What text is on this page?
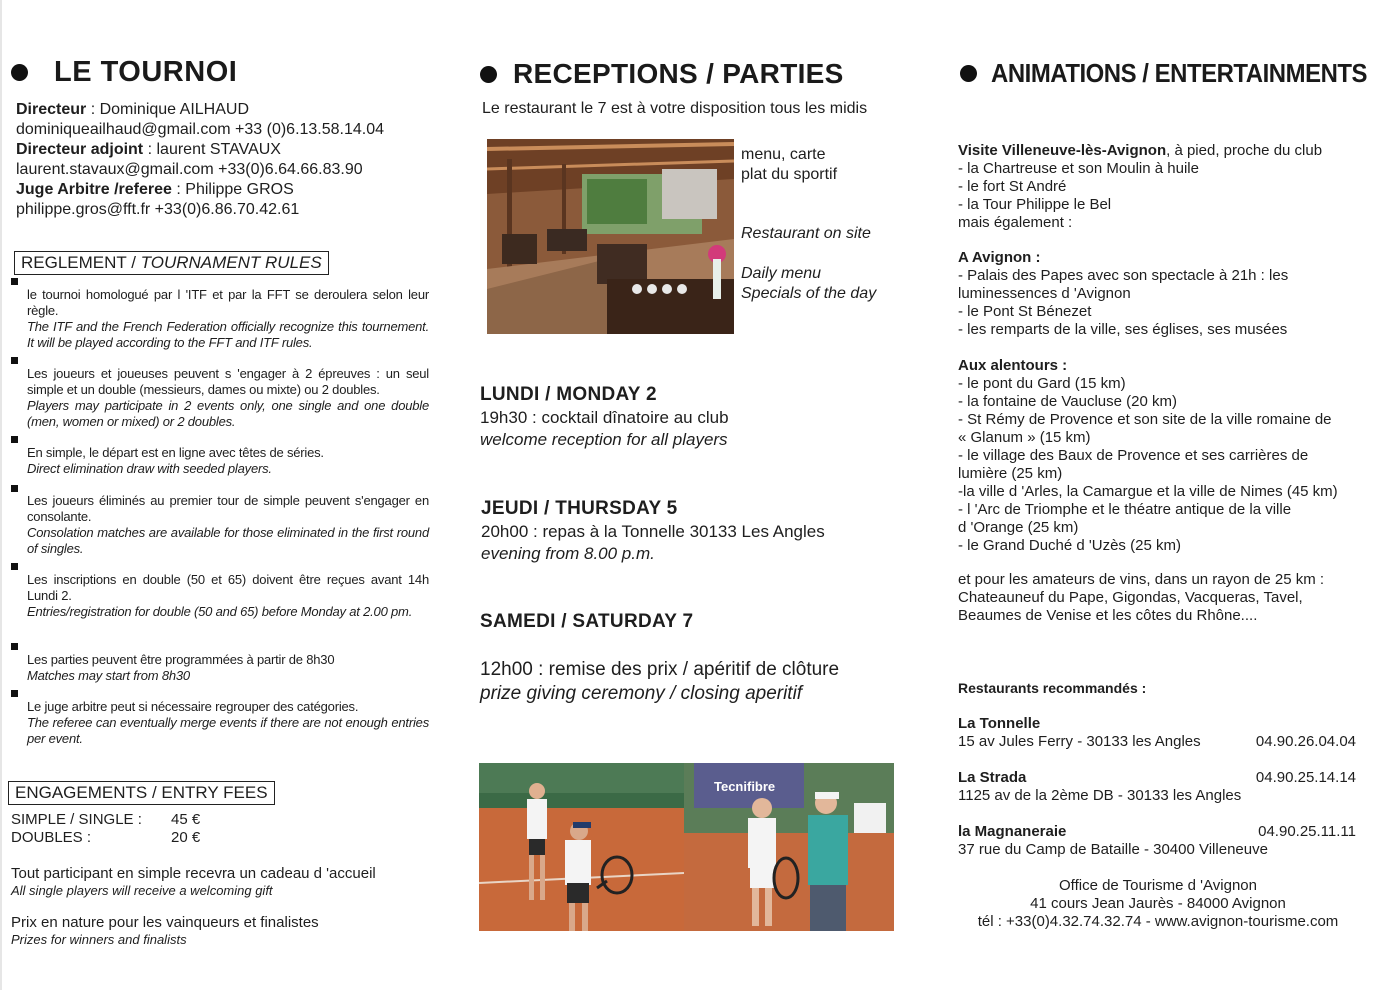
LE TOURNOI
Directeur : Dominique AILHAUD
dominiqueailhaud@gmail.com +33 (0)6.13.58.14.04
Directeur adjoint : laurent STAVAUX
laurent.stavaux@gmail.com +33(0)6.64.66.83.90
Juge Arbitre /referee : Philippe GROS
philippe.gros@fft.fr +33(0)6.86.70.42.61
REGLEMENT / TOURNAMENT RULES
le tournoi homologué par l 'ITF et par la FFT se deroulera selon leur règle.
The ITF and the French Federation officially recognize this tournement. It will be played according to the FFT and ITF rules.
Les joueurs et joueuses peuvent s 'engager à 2 épreuves : un seul simple et un double (messieurs, dames ou mixte) ou 2 doubles.
Players may participate in 2 events only, one single and one double (men, women or mixed) or 2 doubles.
En simple, le départ est en ligne avec têtes de séries.
Direct elimination draw with seeded players.
Les joueurs éliminés au premier tour de simple peuvent s'engager en consolante.
Consolation matches are available for those eliminated in the first round of singles.
Les inscriptions en double (50 et 65) doivent être reçues avant 14h Lundi 2.
Entries/registration for double (50 and 65) before Monday at 2.00 pm.
Les parties peuvent être programmées à partir de 8h30
Matches may start from 8h30
Le juge arbitre peut si nécessaire regrouper des catégories.
The referee can eventually merge events if there are not enough entries per event.
ENGAGEMENTS / ENTRY FEES
SIMPLE / SINGLE :	45 €
DOUBLES :	20 €
Tout participant en simple recevra un cadeau d 'accueil
All single players will receive a welcoming gift
Prix en nature pour les vainqueurs et finalistes
Prizes for winners and finalists
RECEPTIONS / PARTIES
Le restaurant le 7 est à votre disposition tous les midis
menu, carte
plat du sportif
Restaurant on site
Daily menu
Specials of the day
LUNDI / MONDAY 2
19h30 : cocktail dînatoire au club
welcome reception for all players
JEUDI / THURSDAY 5
20h00 : repas à la Tonnelle 30133 Les Angles
evening from 8.00 p.m.
SAMEDI / SATURDAY 7
12h00 : remise des prix / apéritif de clôture
prize giving ceremony / closing aperitif
Tecnifibre
ANIMATIONS / ENTERTAINMENTS
Visite Villeneuve-lès-Avignon, à pied, proche du club
- la Chartreuse et son Moulin à huile
- le fort St André
- la Tour Philippe le Bel
mais également :
A Avignon :
- Palais des Papes avec son spectacle à 21h : les
luminessences d 'Avignon
- le Pont St Bénezet
- les remparts de la ville, ses églises, ses musées
Aux alentours :
- le pont du Gard (15 km)
- la fontaine de Vaucluse (20 km)
- St Rémy de Provence et son site de la ville romaine de
« Glanum » (15 km)
- le village des Baux de Provence et ses carrières de
lumière (25 km)
-la ville d 'Arles, la Camargue et la ville de Nimes (45 km)
- l 'Arc de Triomphe et le théatre antique de la ville
d 'Orange (25 km)
- le Grand Duché d 'Uzès (25 km)
et pour les amateurs de vins, dans un rayon de 25 km :
Chateauneuf du Pape, Gigondas, Vacqueras, Tavel,
Beaumes de Venise et les côtes du Rhône....
Restaurants recommandés :
La Tonnelle
15 av Jules Ferry - 30133 les Angles	04.90.26.04.04
La Strada
1125 av de la 2ème DB - 30133 les Angles
04.90.25.14.14
la Magnaneraie
37 rue du Camp de Bataille - 30400 Villeneuve
04.90.25.11.11
Office de Tourisme d 'Avignon
41 cours Jean Jaurès - 84000 Avignon
tél : +33(0)4.32.74.32.74 - www.avignon-tourisme.com
